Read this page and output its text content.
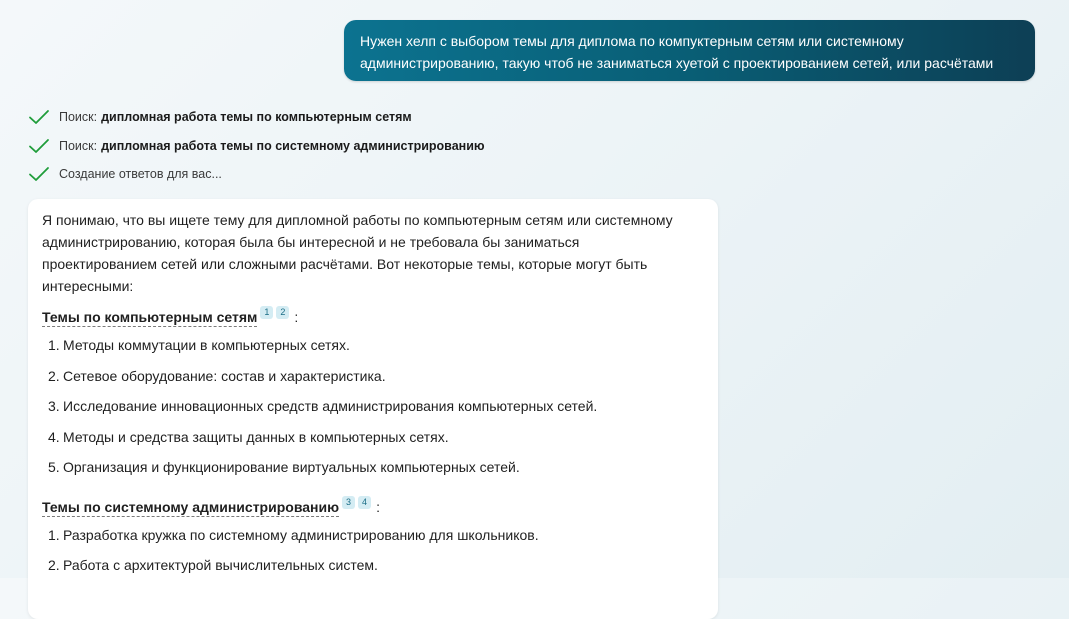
Нужен хелп с выбором темы для диплома по компуктерным сетям или системному
администрированию, такую чтоб не заниматься хуетой с проектированием сетей, или расчётами
Поиск: дипломная работа темы по компьютерным сетям
Поиск: дипломная работа темы по системному администрированию
Создание ответов для вас...
Я понимаю, что вы ищете тему для дипломной работы по компьютерным сетям или системному
администрированию, которая была бы интересной и не требовала бы заниматься
проектированием сетей или сложными расчётами. Вот некоторые темы, которые могут быть
интересными:
Темы по компьютерным сетям 1	2 :
1. Методы коммутации в компьютерных сетях.
2. Сетевое оборудование: состав и характеристика.
3. Исследование инновационных средств администрирования компьютерных сетей.
4. Методы и средства защиты данных в компьютерных сетях.
5. Организация и функционирование виртуальных компьютерных сетей.
Темы по системному администрированию 3	4 :
1. Разработка кружка по системному администрированию для школьников.
2. Работа с архитектурой вычислительных систем.
